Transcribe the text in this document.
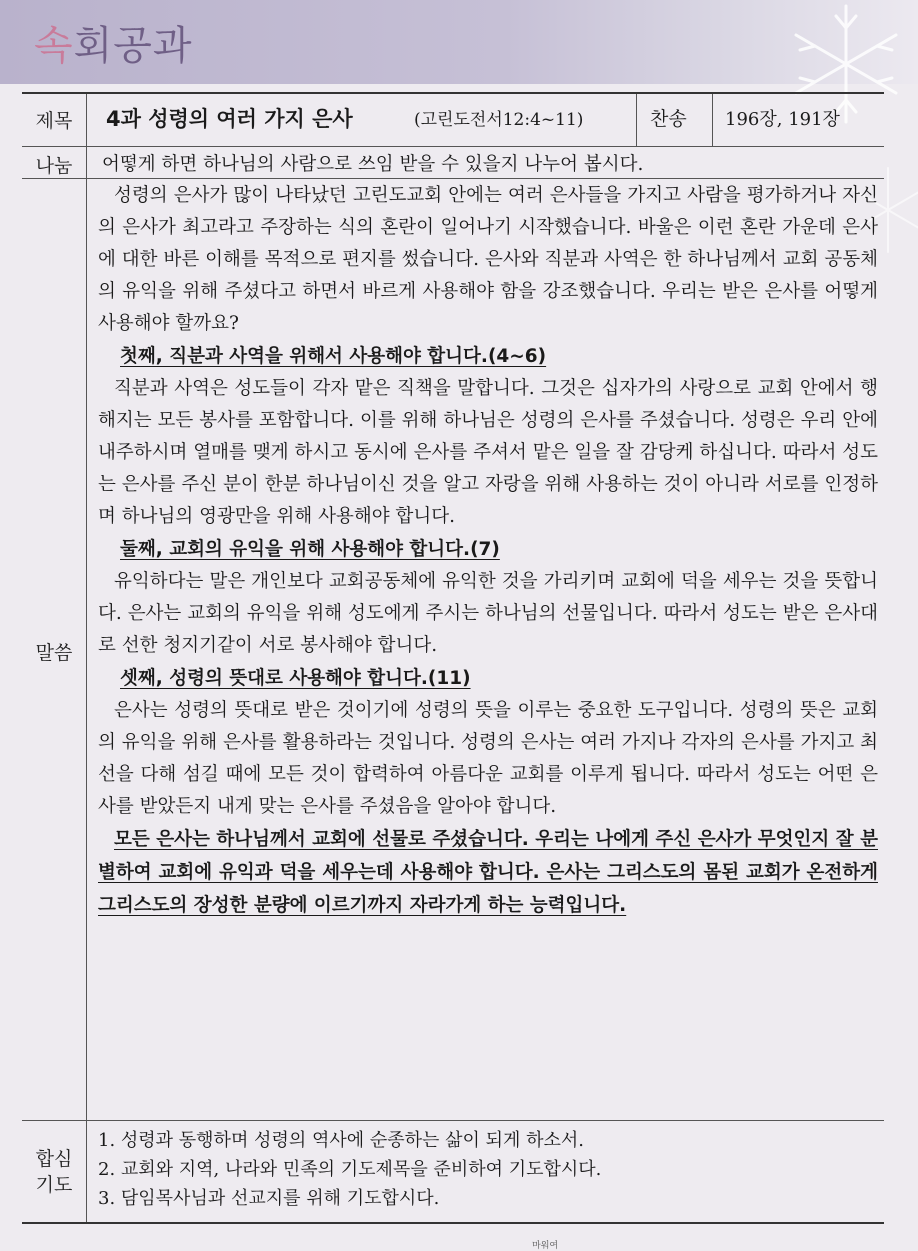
속회공과
제목	4과 성령의 여러 가지 은사	(고린도전서12:4~11)	찬송 196장, 191장
나눔	어떻게 하면 하나님의 사람으로 쓰임 받을 수 있을지 나누어 봅시다.
말씀

성령의 은사가 많이 나타났던 고린도교회 안에는 여러 은사들을 가지고 사람을 평가하거나 자신의 은사가 최고라고 주장하는 식의 혼란이 일어나기 시작했습니다. 바울은 이런 혼란 가운데 은사에 대한 바른 이해를 목적으로 편지를 썼습니다. 은사와 직분과 사역은 한 하나님께서 교회 공동체의 유익을 위해 주셨다고 하면서 바르게 사용해야 함을 강조했습니다. 우리는 받은 은사를 어떻게 사용해야 할까요?

첫째, 직분과 사역을 위해서 사용해야 합니다.(4~6)

직분과 사역은 성도들이 각자 맡은 직책을 말합니다. 그것은 십자가의 사랑으로 교회 안에서 행해지는 모든 봉사를 포함합니다. 이를 위해 하나님은 성령의 은사를 주셨습니다. 성령은 우리 안에 내주하시며 열매를 맺게 하시고 동시에 은사를 주셔서 맡은 일을 잘 감당케 하십니다. 따라서 성도는 은사를 주신 분이 한분 하나님이신 것을 알고 자랑을 위해 사용하는 것이 아니라 서로를 인정하며 하나님의 영광만을 위해 사용해야 합니다.

둘째, 교회의 유익을 위해 사용해야 합니다.(7)

유익하다는 말은 개인보다 교회공동체에 유익한 것을 가리키며 교회에 덕을 세우는 것을 뜻합니다. 은사는 교회의 유익을 위해 성도에게 주시는 하나님의 선물입니다. 따라서 성도는 받은 은사대로 선한 청지기같이 서로 봉사해야 합니다.

셋째, 성령의 뜻대로 사용해야 합니다.(11)

은사는 성령의 뜻대로 받은 것이기에 성령의 뜻을 이루는 중요한 도구입니다. 성령의 뜻은 교회의 유익을 위해 은사를 활용하라는 것입니다. 성령의 은사는 여러 가지나 각자의 은사를 가지고 최선을 다해 섬길 때에 모든 것이 합력하여 아름다운 교회를 이루게 됩니다. 따라서 성도는 어떤 은사를 받았든지 내게 맞는 은사를 주셨음을 알아야 합니다.

모든 은사는 하나님께서 교회에 선물로 주셨습니다. 우리는 나에게 주신 은사가 무엇인지 잘 분별하여 교회에 유익과 덕을 세우는데 사용해야 합니다. 은사는 그리스도의 몸된 교회가 온전하게 그리스도의 장성한 분량에 이르기까지 자라가게 하는 능력입니다.

합심
기도
1. 성령과 동행하며 성령의 역사에 순종하는 삶이 되게 하소서.
2. 교회와 지역, 나라와 민족의 기도제목을 준비하여 기도합시다.
3. 담임목사님과 선교지를 위해 기도합시다.
마워여
